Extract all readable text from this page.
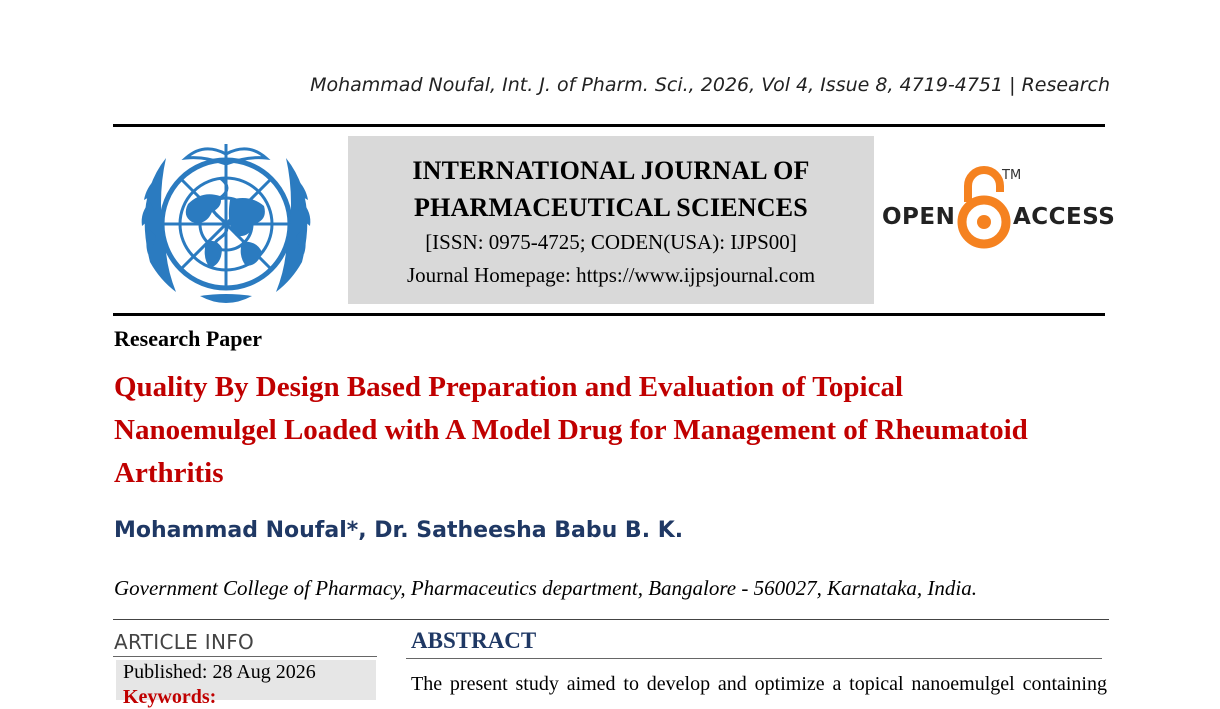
Mohammad Noufal, Int. J. of Pharm. Sci., 2026, Vol 4, Issue 8, 4719-4751 | Research
INTERNATIONAL JOURNAL OF
PHARMACEUTICAL SCIENCES
[ISSN: 0975-4725; CODEN(USA): IJPS00]
Journal Homepage: https://www.ijpsjournal.com
OPEN
TM
ACCESS
Research Paper
Quality By Design Based Preparation and Evaluation of Topical Nanoemulgel Loaded with A Model Drug for Management of Rheumatoid Arthritis
Mohammad Noufal*, Dr. Satheesha Babu B. K.
Government College of Pharmacy, Pharmaceutics department, Bangalore - 560027, Karnataka, India.
ARTICLE INFO
Published: 28 Aug 2026
Keywords:
ABSTRACT
The present study aimed to develop and optimize a topical nanoemulgel containing
